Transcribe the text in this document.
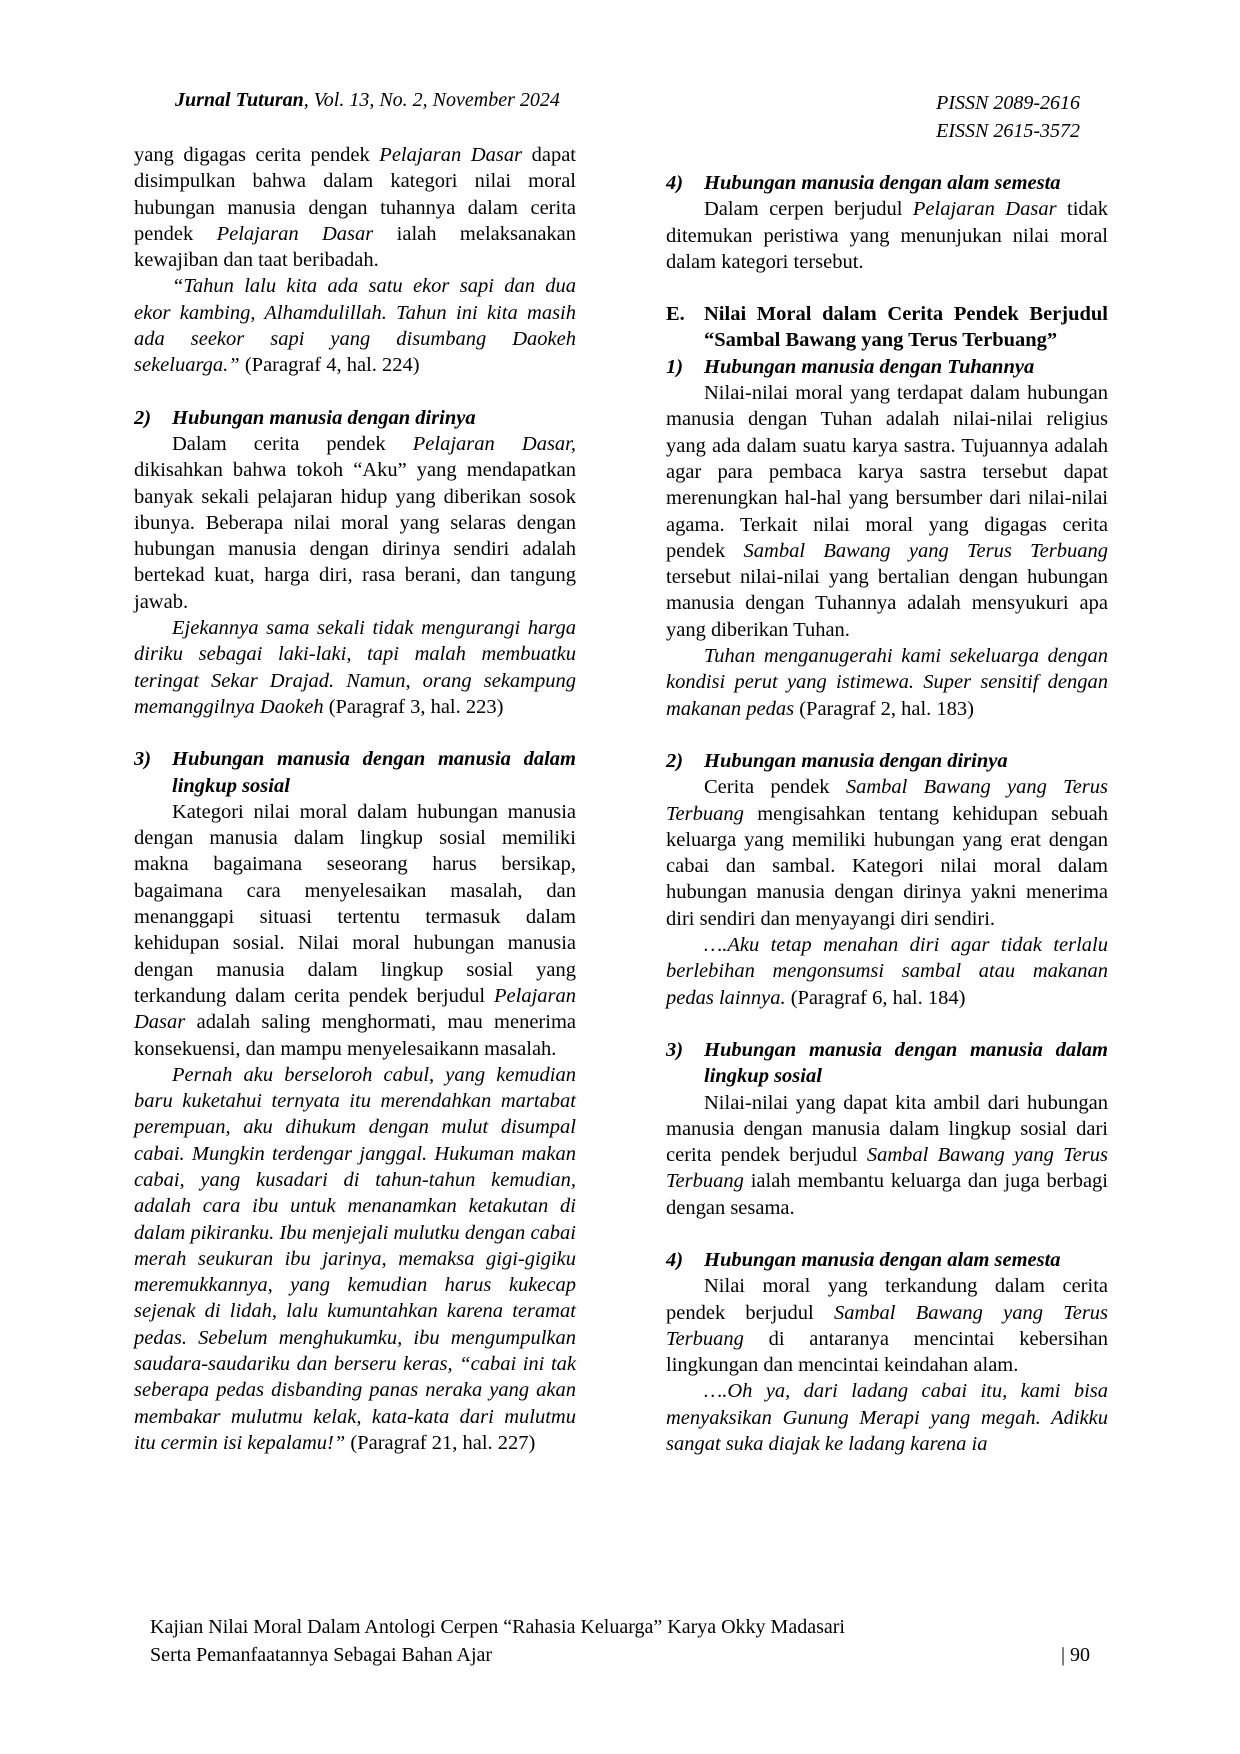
Jurnal Tuturan, Vol. 13, No. 2, November 2024	PISSN 2089-2616
EISSN 2615-3572

yang digagas cerita pendek Pelajaran Dasar dapat disimpulkan bahwa dalam kategori nilai moral hubungan manusia dengan tuhannya dalam cerita pendek Pelajaran Dasar ialah melaksanakan kewajiban dan taat beribadah.

“Tahun lalu kita ada satu ekor sapi dan dua ekor kambing, Alhamdulillah. Tahun ini kita masih ada seekor sapi yang disumbang Daokeh sekeluarga.” (Paragraf 4, hal. 224)

2)	Hubungan manusia dengan dirinya

Dalam cerita pendek Pelajaran Dasar, dikisahkan bahwa tokoh “Aku” yang mendapatkan banyak sekali pelajaran hidup yang diberikan sosok ibunya. Beberapa nilai moral yang selaras dengan hubungan manusia dengan dirinya sendiri adalah bertekad kuat, harga diri, rasa berani, dan tangung jawab.

Ejekannya sama sekali tidak mengurangi harga diriku sebagai laki-laki, tapi malah membuatku teringat Sekar Drajad. Namun, orang sekampung memanggilnya Daokeh (Paragraf 3, hal. 223)

3)	Hubungan manusia dengan manusia dalam lingkup sosial

Kategori nilai moral dalam hubungan manusia dengan manusia dalam lingkup sosial memiliki makna bagaimana seseorang harus bersikap, bagaimana cara menyelesaikan masalah, dan menanggapi situasi tertentu termasuk dalam kehidupan sosial. Nilai moral hubungan manusia dengan manusia dalam lingkup sosial yang terkandung dalam cerita pendek berjudul Pelajaran Dasar adalah saling menghormati, mau menerima konsekuensi, dan mampu menyelesaikann masalah.

Pernah aku berseloroh cabul, yang kemudian baru kuketahui ternyata itu merendahkan martabat perempuan, aku dihukum dengan mulut disumpal cabai. Mungkin terdengar janggal. Hukuman makan cabai, yang kusadari di tahun-tahun kemudian, adalah cara ibu untuk menanamkan ketakutan di dalam pikiranku. Ibu menjejali mulutku dengan cabai merah seukuran ibu jarinya, memaksa gigi-gigiku meremukkannya, yang kemudian harus kukecap sejenak di lidah, lalu kumuntahkan karena teramat pedas. Sebelum menghukumku, ibu mengumpulkan saudara-saudariku dan berseru keras, “cabai ini tak seberapa pedas disbanding panas neraka yang akan membakar mulutmu kelak, kata-kata dari mulutmu itu cermin isi kepalamu!” (Paragraf 21, hal. 227)

4)	Hubungan manusia dengan alam semesta

Dalam cerpen berjudul Pelajaran Dasar tidak ditemukan peristiwa yang menunjukan nilai moral dalam kategori tersebut.

E. Nilai Moral dalam Cerita Pendek Berjudul “Sambal Bawang yang Terus Terbuang”
1)	Hubungan manusia dengan Tuhannya

Nilai-nilai moral yang terdapat dalam hubungan manusia dengan Tuhan adalah nilai-nilai religius yang ada dalam suatu karya sastra. Tujuannya adalah agar para pembaca karya sastra tersebut dapat merenungkan hal-hal yang bersumber dari nilai-nilai agama. Terkait nilai moral yang digagas cerita pendek Sambal Bawang yang Terus Terbuang tersebut nilai-nilai yang bertalian dengan hubungan manusia dengan Tuhannya adalah mensyukuri apa yang diberikan Tuhan.

Tuhan menganugerahi kami sekeluarga dengan kondisi perut yang istimewa. Super sensitif dengan makanan pedas (Paragraf 2, hal. 183)

2)	Hubungan manusia dengan dirinya

Cerita pendek Sambal Bawang yang Terus Terbuang mengisahkan tentang kehidupan sebuah keluarga yang memiliki hubungan yang erat dengan cabai dan sambal. Kategori nilai moral dalam hubungan manusia dengan dirinya yakni menerima diri sendiri dan menyayangi diri sendiri.

….Aku tetap menahan diri agar tidak terlalu berlebihan mengonsumsi sambal atau makanan pedas lainnya. (Paragraf 6, hal. 184)

3)	Hubungan manusia dengan manusia dalam lingkup sosial

Nilai-nilai yang dapat kita ambil dari hubungan manusia dengan manusia dalam lingkup sosial dari cerita pendek berjudul Sambal Bawang yang Terus Terbuang ialah membantu keluarga dan juga berbagi dengan sesama.

4)	Hubungan manusia dengan alam semesta

Nilai moral yang terkandung dalam cerita pendek berjudul Sambal Bawang yang Terus Terbuang di antaranya mencintai kebersihan lingkungan dan mencintai keindahan alam.

….Oh ya, dari ladang cabai itu, kami bisa menyaksikan Gunung Merapi yang megah. Adikku sangat suka diajak ke ladang karena ia

Kajian Nilai Moral Dalam Antologi Cerpen “Rahasia Keluarga” Karya Okky Madasari
Serta Pemanfaatannya Sebagai Bahan Ajar	| 90
